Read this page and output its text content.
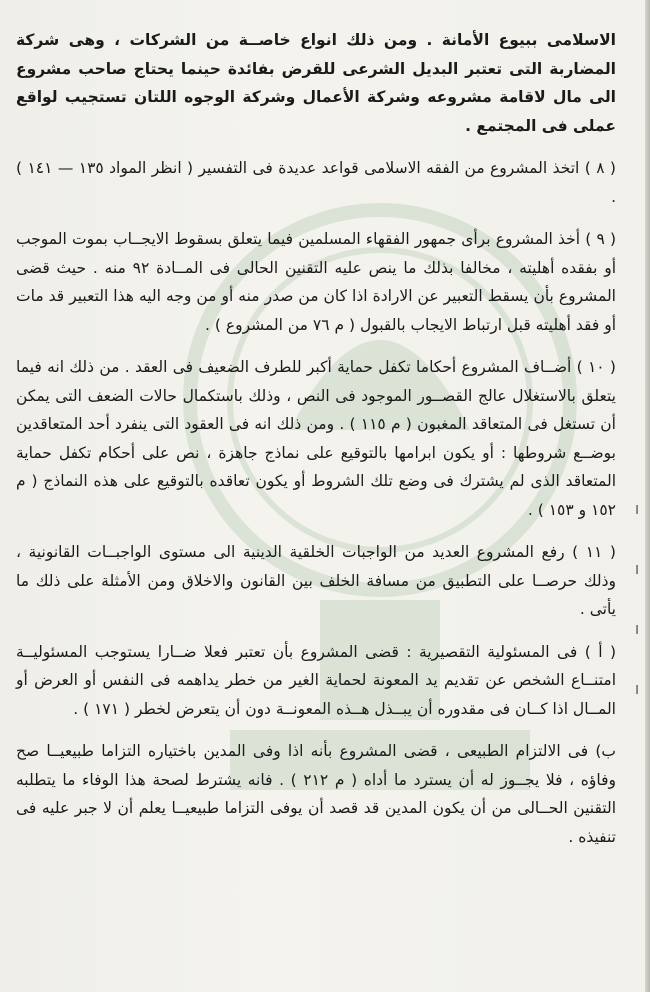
الاسلامى ببيوع الأمانة . ومن ذلك انواع خاصــة من الشركات ، وهى شركة المضاربة التى تعتبر البديل الشرعى للقرض بفائدة حينما يحتاج صاحب مشروع الى مال لاقامة مشروعه وشركة الأعمال وشركة الوجوه اللتان تستجيب لواقع عملى فى المجتمع .

( ٨ ) اتخذ المشروع من الفقه الاسلامى قواعد عديدة فى التفسير ( انظر المواد ١٣٥ — ١٤١ ) .

( ٩ ) أخذ المشروع برأى جمهور الفقهاء المسلمين فيما يتعلق بسقوط الايجــاب بموت الموجب أو بفقده أهليته ، مخالفا بذلك ما ينص عليه التقنين الحالى فى المــادة ٩٢ منه . حيث قضى المشروع بأن يسقط التعبير عن الارادة اذا كان من صدر منه أو من وجه اليه هذا التعبير قد مات أو فقد أهليته قبل ارتباط الايجاب بالقبول ( م ٧٦ من المشروع ) .

( ١٠ ) أضــاف المشروع أحكاما تكفل حماية أكبر للطرف الضعيف فى العقد . من ذلك انه فيما يتعلق بالاستغلال عالج القصــور الموجود فى النص ، وذلك باستكمال حالات الضعف التى يمكن أن تستغل فى المتعاقد المغبون ( م ١١٥ ) . ومن ذلك انه فى العقود التى ينفرد أحد المتعاقدين بوضــع شروطها : أو يكون ابرامها بالتوقيع على نماذج جاهزة ، نص على أحكام تكفل حماية المتعاقد الذى لم يشترك فى وضع تلك الشروط أو يكون تعاقده بالتوقيع على هذه النماذج ( م ١٥٢ و ١٥٣ ) .

( ١١ ) رفع المشروع العديد من الواجبات الخلقية الدينية الى مستوى الواجبــات القانونية ، وذلك حرصــا على التطبيق من مسافة الخلف بين القانون والاخلاق ومن الأمثلة على ذلك ما يأتى .

( أ ) فى المسئولية التقصيرية : قضى المشروع بأن تعتبر فعلا ضــارا يستوجب المسئوليــة امتنــاع الشخص عن تقديم يد المعونة لحماية الغير من خطر يداهمه فى النفس أو العرض أو المــال اذا كــان فى مقدوره أن يبــذل هــذه المعونــة دون أن يتعرض لخطر ( ١٧١ ) .

ب) فى الالتزام الطبيعى ، قضى المشروع بأنه اذا وفى المدين باختياره التزاما طبيعيــا صح وفاؤه ، فلا يجــوز له أن يسترد ما أداه ( م ٢١٢ ) . فانه يشترط لصحة هذا الوفاء ما يتطلبه التقنين الحــالى من أن يكون المدين قد قصد أن يوفى التزاما طبيعيــا يعلم أن لا جبر عليه فى تنفيذه .

ا
ا
ا
ا
